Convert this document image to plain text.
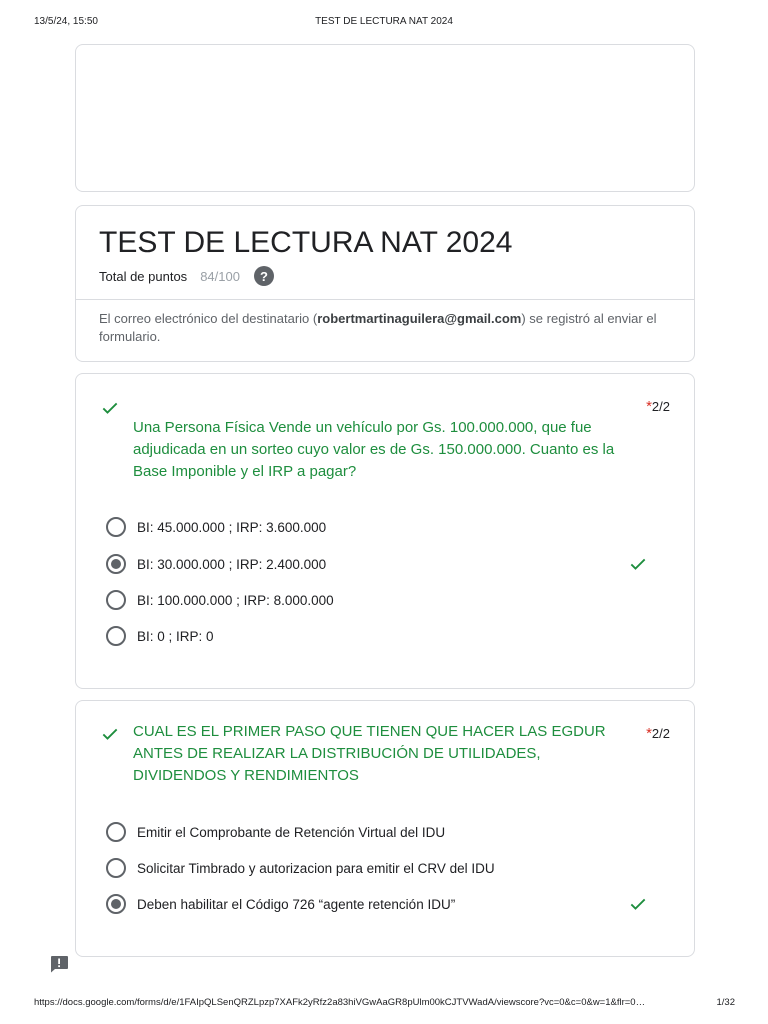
13/5/24, 15:50	TEST DE LECTURA NAT 2024
TEST DE LECTURA NAT 2024
Total de puntos 84/100	?

El correo electrónico del destinatario (robertmartinaguilera@gmail.com) se registró al enviar el formulario.

*2/2

Una Persona Física Vende un vehículo por Gs. 100.000.000, que fue adjudicada en un sorteo cuyo valor es de Gs. 150.000.000. Cuanto es la Base Imponible y el IRP a pagar?

BI: 45.000.000 ; IRP: 3.600.000
BI: 30.000.000 ; IRP: 2.400.000
BI: 100.000.000 ; IRP: 8.000.000
BI: 0 ; IRP: 0
*2/2

CUAL ES EL PRIMER PASO QUE TIENEN QUE HACER LAS EGDUR ANTES DE REALIZAR LA DISTRIBUCIÓN DE UTILIDADES, DIVIDENDOS Y RENDIMIENTOS

Emitir el Comprobante de Retención Virtual del IDU
Solicitar Timbrado y autorizacion para emitir el CRV del IDU
Deben habilitar el Código 726 “agente retención IDU”
https://docs.google.com/forms/d/e/1FAIpQLSenQRZLpzp7XAFk2yRfz2a83hiVGwAaGR8pUlm00kCJTVWadA/viewscore?vc=0&c=0&w=1&flr=0…	1/32
